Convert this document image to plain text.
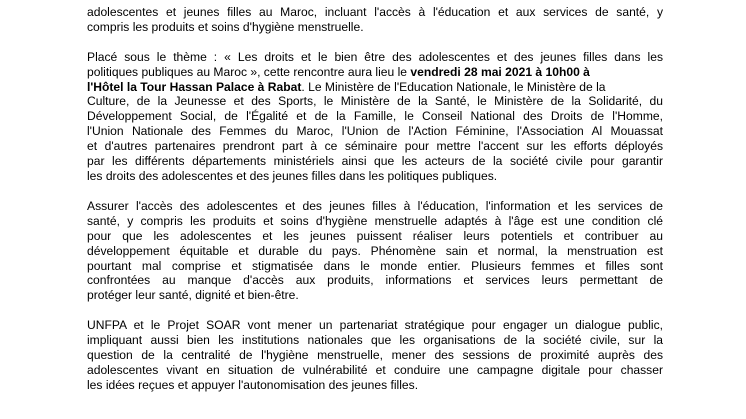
adolescentes et jeunes filles au Maroc, incluant l'accès à l'éducation et aux services de santé, y
compris les produits et soins d'hygiène menstruelle.
Placé sous le thème : « Les droits et le bien être des adolescentes et des jeunes filles dans les
politiques publiques au Maroc », cette rencontre aura lieu le vendredi 28 mai 2021 à 10h00 à
l'Hôtel la Tour Hassan Palace à Rabat. Le Ministère de l'Education Nationale, le Ministère de la
Culture, de la Jeunesse et des Sports, le Ministère de la Santé, le Ministère de la Solidarité, du
Développement Social, de l'Égalité et de la Famille, le Conseil National des Droits de l'Homme,
l'Union Nationale des Femmes du Maroc, l'Union de l'Action Féminine, l'Association Al Mouassat
et d'autres partenaires prendront part à ce séminaire pour mettre l'accent sur les efforts déployés
par les différents départements ministériels ainsi que les acteurs de la société civile pour garantir
les droits des adolescentes et des jeunes filles dans les politiques publiques.
Assurer l'accès des adolescentes et des jeunes filles à l'éducation, l'information et les services de
santé, y compris les produits et soins d'hygiène menstruelle adaptés à l'âge est une condition clé
pour que les adolescentes et les jeunes puissent réaliser leurs potentiels et contribuer au
développement équitable et durable du pays. Phénomène sain et normal, la menstruation est
pourtant mal comprise et stigmatisée dans le monde entier. Plusieurs femmes et filles sont
confrontées au manque d'accès aux produits, informations et services leurs permettant de
protéger leur santé, dignité et bien-être.
UNFPA et le Projet SOAR vont mener un partenariat stratégique pour engager un dialogue public,
impliquant aussi bien les institutions nationales que les organisations de la société civile, sur la
question de la centralité de l'hygiène menstruelle, mener des sessions de proximité auprès des
adolescentes vivant en situation de vulnérabilité et conduire une campagne digitale pour chasser
les idées reçues et appuyer l'autonomisation des jeunes filles.
